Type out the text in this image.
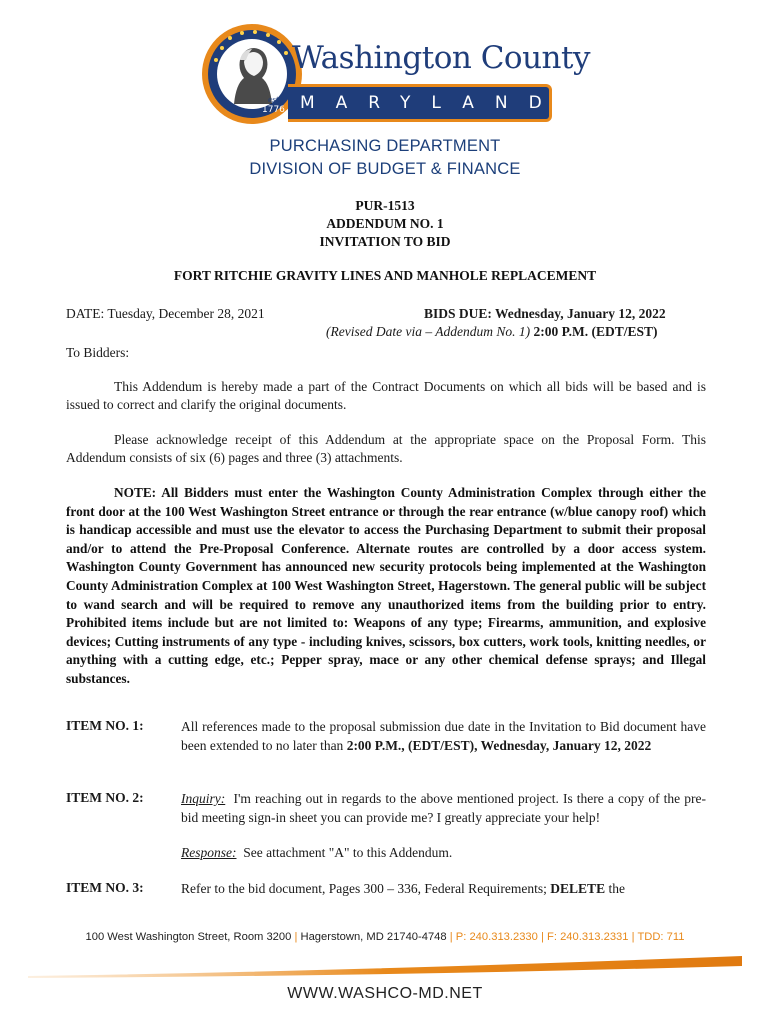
est.
1776
Washington County
MARYLAND
PURCHASING DEPARTMENT
DIVISION OF BUDGET & FINANCE
PUR-1513
ADDENDUM NO. 1
INVITATION TO BID
FORT RITCHIE GRAVITY LINES AND MANHOLE REPLACEMENT
DATE: Tuesday, December 28, 2021	BIDS DUE: Wednesday, January 12, 2022
(Revised Date via – Addendum No. 1) 2:00 P.M. (EDT/EST)
To Bidders:
This Addendum is hereby made a part of the Contract Documents on which all bids will be based and is issued to correct and clarify the original documents.
Please acknowledge receipt of this Addendum at the appropriate space on the Proposal Form. This Addendum consists of six (6) pages and three (3) attachments.
NOTE: All Bidders must enter the Washington County Administration Complex through either the front door at the 100 West Washington Street entrance or through the rear entrance (w/blue canopy roof) which is handicap accessible and must use the elevator to access the Purchasing Department to submit their proposal and/or to attend the Pre-Proposal Conference. Alternate routes are controlled by a door access system. Washington County Government has announced new security protocols being implemented at the Washington County Administration Complex at 100 West Washington Street, Hagerstown. The general public will be subject to wand search and will be required to remove any unauthorized items from the building prior to entry. Prohibited items include but are not limited to: Weapons of any type; Firearms, ammunition, and explosive devices; Cutting instruments of any type - including knives, scissors, box cutters, work tools, knitting needles, or anything with a cutting edge, etc.; Pepper spray, mace or any other chemical defense sprays; and Illegal substances.
ITEM NO. 1:	All references made to the proposal submission due date in the Invitation to Bid document have been extended to no later than 2:00 P.M., (EDT/EST), Wednesday, January 12, 2022
ITEM NO. 2:	Inquiry: I'm reaching out in regards to the above mentioned project. Is there a copy of the pre-bid meeting sign-in sheet you can provide me? I greatly appreciate your help!
Response: See attachment "A" to this Addendum.
ITEM NO. 3:	Refer to the bid document, Pages 300 – 336, Federal Requirements; DELETE the
100 West Washington Street, Room 3200 | Hagerstown, MD 21740-4748 | P: 240.313.2330 | F: 240.313.2331 | TDD: 711
WWW.WASHCO-MD.NET
